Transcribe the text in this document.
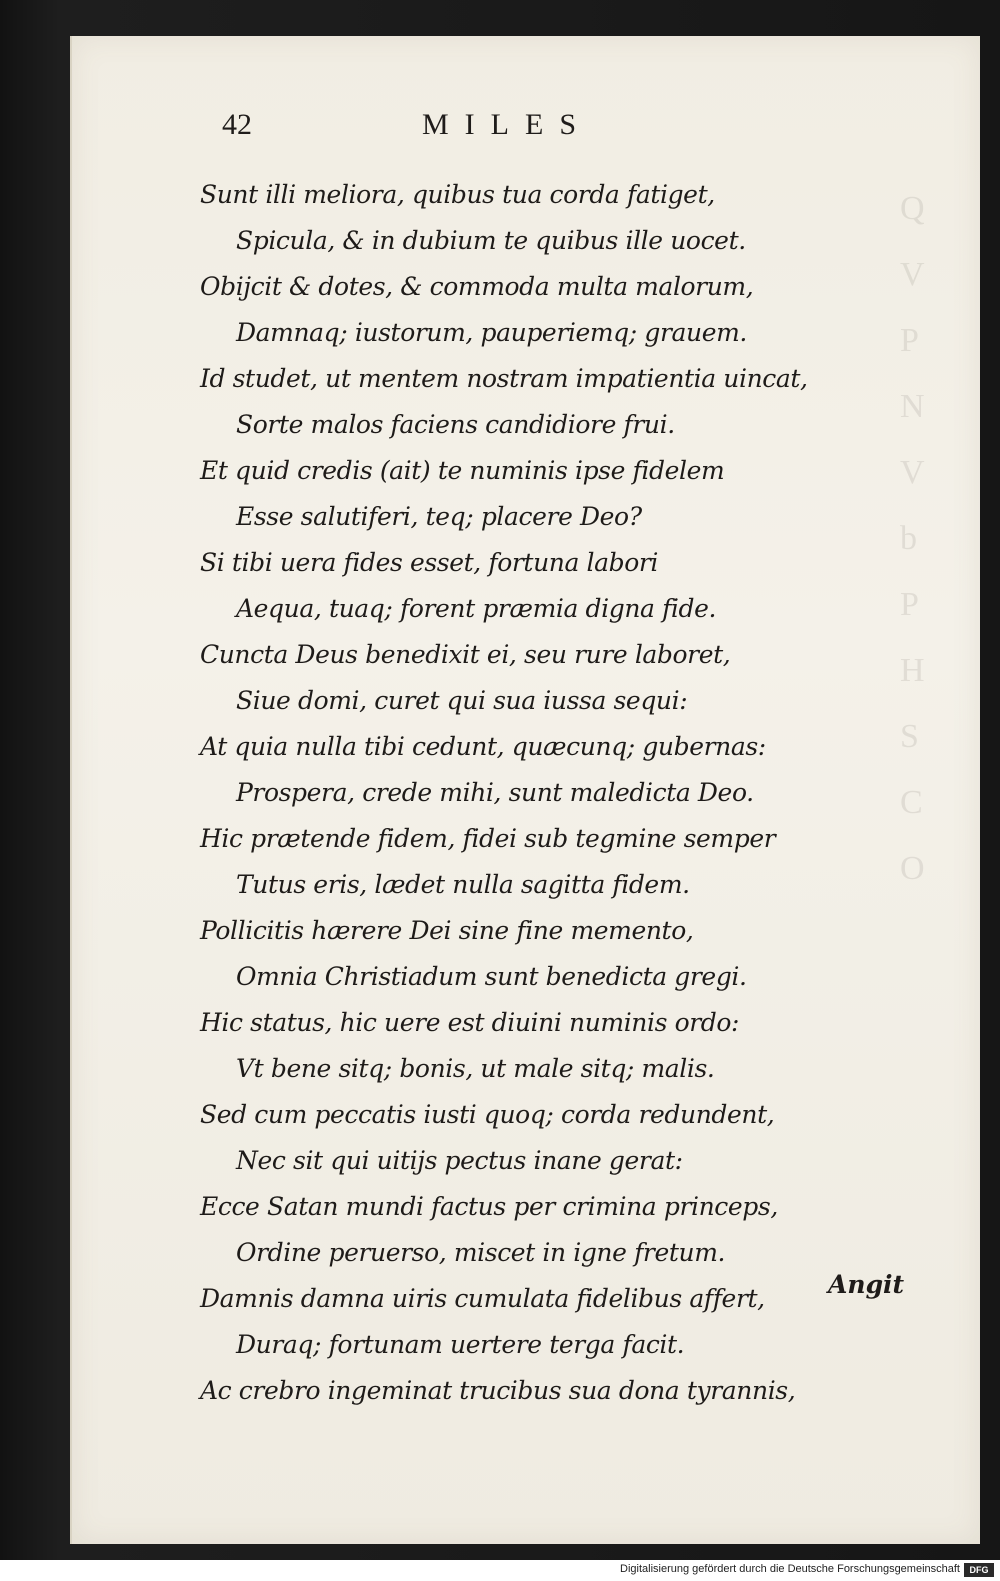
Q
V
P
N
V
b
P
H
S
C
O
42	MILES
Sunt illi meliora, quibus tua corda fatiget,
Spicula, & in dubium te quibus ille uocet.
Obijcit & dotes, & commoda multa malorum,
Damnaq; iustorum, pauperiemq; grauem.
Id studet, ut mentem nostram impatientia uincat,
Sorte malos faciens candidiore frui.
Et quid credis (ait) te numinis ipse fidelem
Esse salutiferi, teq; placere Deo?
Si tibi uera fides esset, fortuna labori
Aequa, tuaq; forent præmia digna fide.
Cuncta Deus benedixit ei, seu rure laboret,
Siue domi, curet qui sua iussa sequi:
At quia nulla tibi cedunt, quæcunq; gubernas:
Prospera, crede mihi, sunt maledicta Deo.
Hic prætende fidem, fidei sub tegmine semper
Tutus eris, lædet nulla sagitta fidem.
Pollicitis hærere Dei sine fine memento,
Omnia Christiadum sunt benedicta gregi.
Hic status, hic uere est diuini numinis ordo:
Vt bene sitq; bonis, ut male sitq; malis.
Sed cum peccatis iusti quoq; corda redundent,
Nec sit qui uitijs pectus inane gerat:
Ecce Satan mundi factus per crimina princeps,
Ordine peruerso, miscet in igne fretum.
Damnis damna uiris cumulata fidelibus affert,
Duraq; fortunam uertere terga facit.
Ac crebro ingeminat trucibus sua dona tyrannis,
Angit
Digitalisierung gefördert durch die Deutsche Forschungsgemeinschaft	DFG
